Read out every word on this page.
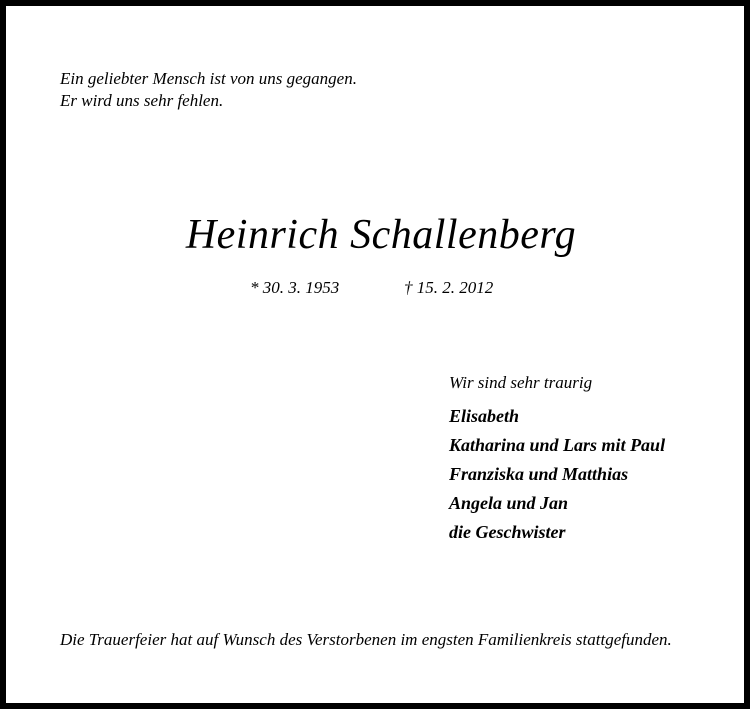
Ein geliebter Mensch ist von uns gegangen.
Er wird uns sehr fehlen.
Heinrich Schallenberg
* 30. 3. 1953	† 15. 2. 2012
Wir sind sehr traurig
Elisabeth
Katharina und Lars mit Paul
Franziska und Matthias
Angela und Jan
die Geschwister
Die Trauerfeier hat auf Wunsch des Verstorbenen im engsten Familienkreis stattgefunden.
